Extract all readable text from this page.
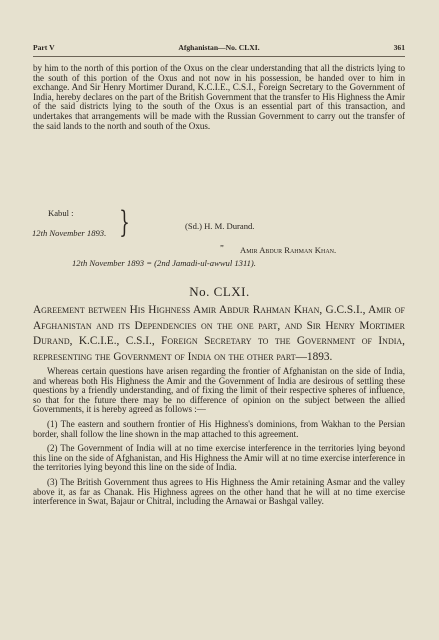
Part V	Afghanistan—No. CLXI.	361

by him to the north of this portion of the Oxus on the clear understanding that all the districts lying to the south of this portion of the Oxus and not now in his possession, be handed over to him in exchange. And Sir Henry Mortimer Durand, K.C.I.E., C.S.I., Foreign Secretary to the Government of India, hereby declares on the part of the British Government that the transfer to His Highness the Amir of the said districts lying to the south of the Oxus is an essential part of this transaction, and undertakes that arrangements will be made with the Russian Government to carry out the transfer of the said lands to the north and south of the Oxus.

Kabul : }
12th November 1893.
(Sd.) H. M. Durand.
„
Amir Abdur Rahman Khan.
12th November 1893 = (2nd Jamadi-ul-awwul 1311).
No. CLXI.

Agreement between His Highness Amir Abdur Rahman Khan, G.C.S.I., Amir of Afghanistan and its Dependencies on the one part, and Sir Henry Mortimer Durand, K.C.I.E., C.S.I., Foreign Secretary to the Government of India, representing the Government of India on the other part—1893.

Whereas certain questions have arisen regarding the frontier of Afghanistan on the side of India, and whereas both His Highness the Amir and the Government of India are desirous of settling these questions by a friendly understanding, and of fixing the limit of their respective spheres of influence, so that for the future there may be no difference of opinion on the subject between the allied Governments, it is hereby agreed as follows :—

(1) The eastern and southern frontier of His Highness's dominions, from Wakhan to the Persian border, shall follow the line shown in the map attached to this agreement.

(2) The Government of India will at no time exercise interference in the territories lying beyond this line on the side of Afghanistan, and His Highness the Amir will at no time exercise interference in the territories lying beyond this line on the side of India.

(3) The British Government thus agrees to His Highness the Amir retaining Asmar and the valley above it, as far as Chanak. His Highness agrees on the other hand that he will at no time exercise interference in Swat, Bajaur or Chitral, including the Arnawai or Bashgal valley.
